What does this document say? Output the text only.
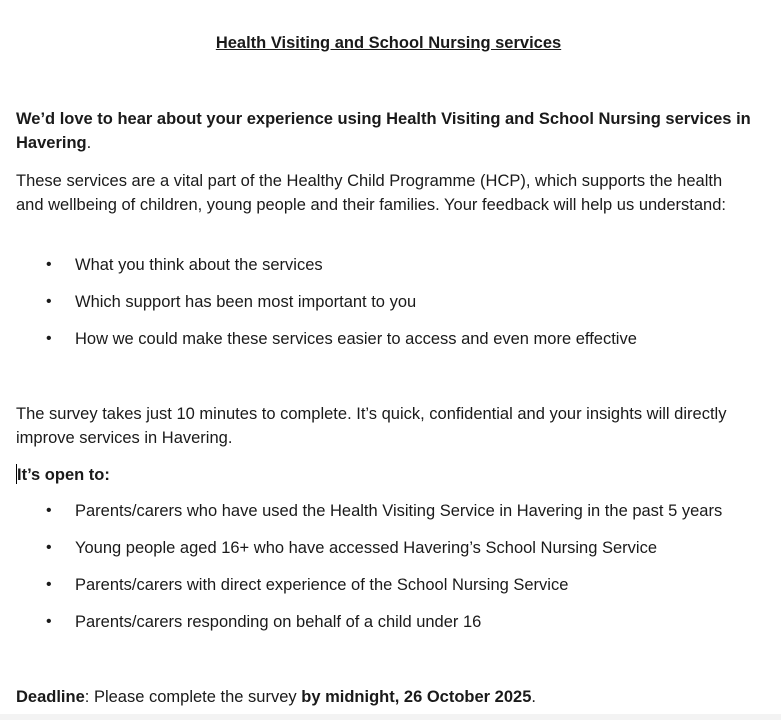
Health Visiting and School Nursing services
We’d love to hear about your experience using Health Visiting and School Nursing services in Havering.
These services are a vital part of the Healthy Child Programme (HCP), which supports the health and wellbeing of children, young people and their families. Your feedback will help us understand:
• What you think about the services
• Which support has been most important to you
• How we could make these services easier to access and even more effective
The survey takes just 10 minutes to complete. It’s quick, confidential and your insights will directly improve services in Havering.
It’s open to:
• Parents/carers who have used the Health Visiting Service in Havering in the past 5 years
• Young people aged 16+ who have accessed Havering’s School Nursing Service
• Parents/carers with direct experience of the School Nursing Service
• Parents/carers responding on behalf of a child under 16
Deadline: Please complete the survey by midnight, 26 October 2025.
